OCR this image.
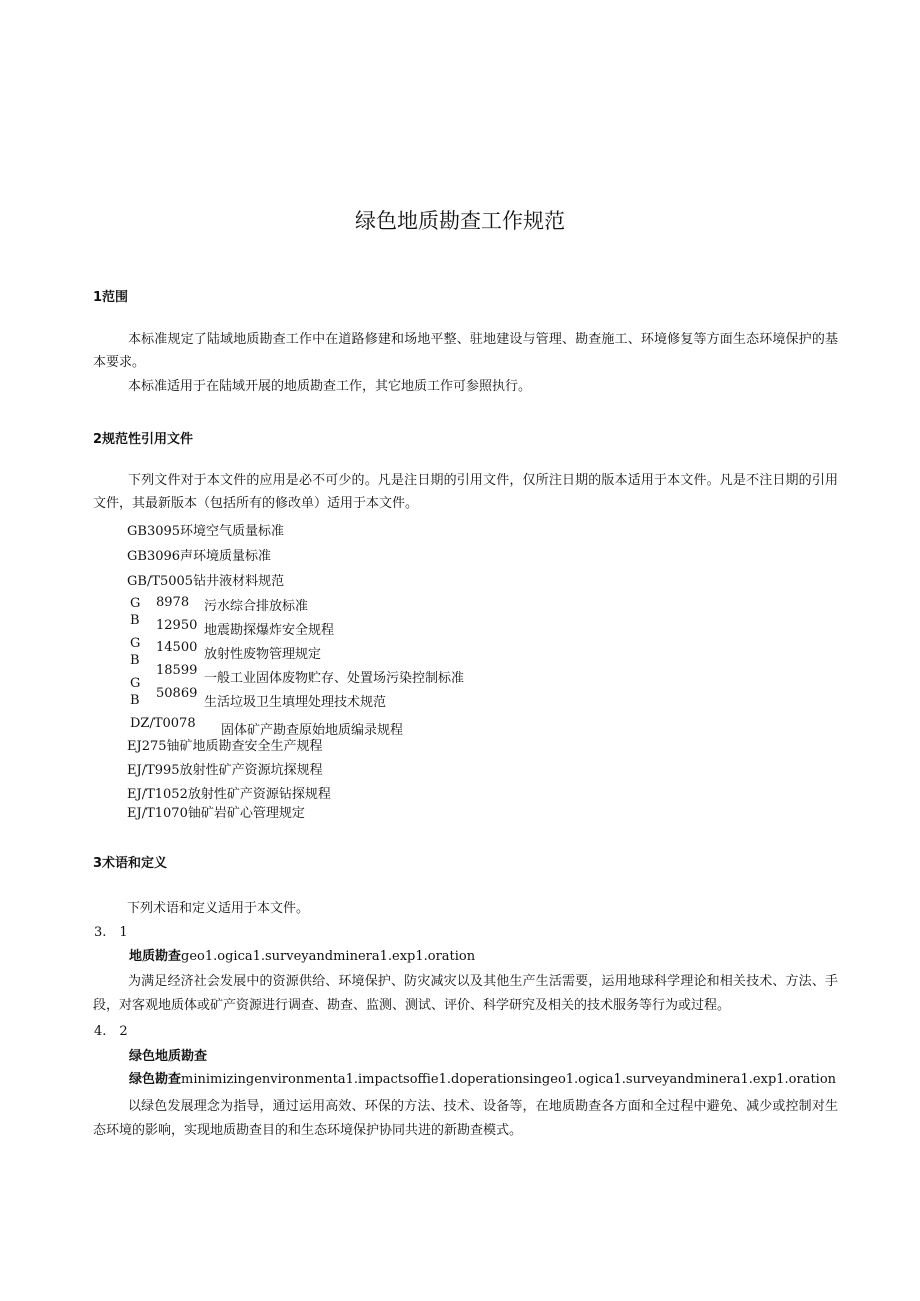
绿色地质勘查工作规范
1范围
本标准规定了陆域地质勘查工作中在道路修建和场地平整、驻地建设与管理、勘查施工、环境修复等方面生态环境保护的基本要求。
本标准适用于在陆域开展的地质勘查工作，其它地质工作可参照执行。
2规范性引用文件
下列文件对于本文件的应用是必不可少的。凡是注日期的引用文件，仅所注日期的版本适用于本文件。凡是不注日期的引用文件，其最新版本（包括所有的修改单）适用于本文件。
GB3095环境空气质量标准
GB3096声环境质量标准
GB/T5005钻井液材料规范
G
B
G
B
G
B
8978
12950
14500
18599
50869
污水综合排放标准
地震勘探爆炸安全规程
放射性废物管理规定
一般工业固体废物贮存、处置场污染控制标准
生活垃圾卫生填埋处理技术规范
DZ/T0078 固体矿产勘查原始地质编录规程
EJ275铀矿地质勘查安全生产规程
EJ/T995放射性矿产资源坑探规程
EJ/T1052放射性矿产资源钻探规程
EJ/T1070铀矿岩矿心管理规定
3术语和定义
下列术语和定义适用于本文件。
3.　1
地质勘查geo1.ogica1.surveyandminera1.exp1.oration
为满足经济社会发展中的资源供给、环境保护、防灾减灾以及其他生产生活需要，运用地球科学理论和相关技术、方法、手段，对客观地质体或矿产资源进行调查、勘查、监测、测试、评价、科学研究及相关的技术服务等行为或过程。
4.　2
绿色地质勘查
绿色勘查minimizingenvironmenta1.impactsoffie1.doperationsingeo1.ogica1.surveyandminera1.exp1.oration
以绿色发展理念为指导，通过运用高效、环保的方法、技术、设备等，在地质勘查各方面和全过程中避免、减少或控制对生态环境的影响，实现地质勘查目的和生态环境保护协同共进的新勘查模式。
